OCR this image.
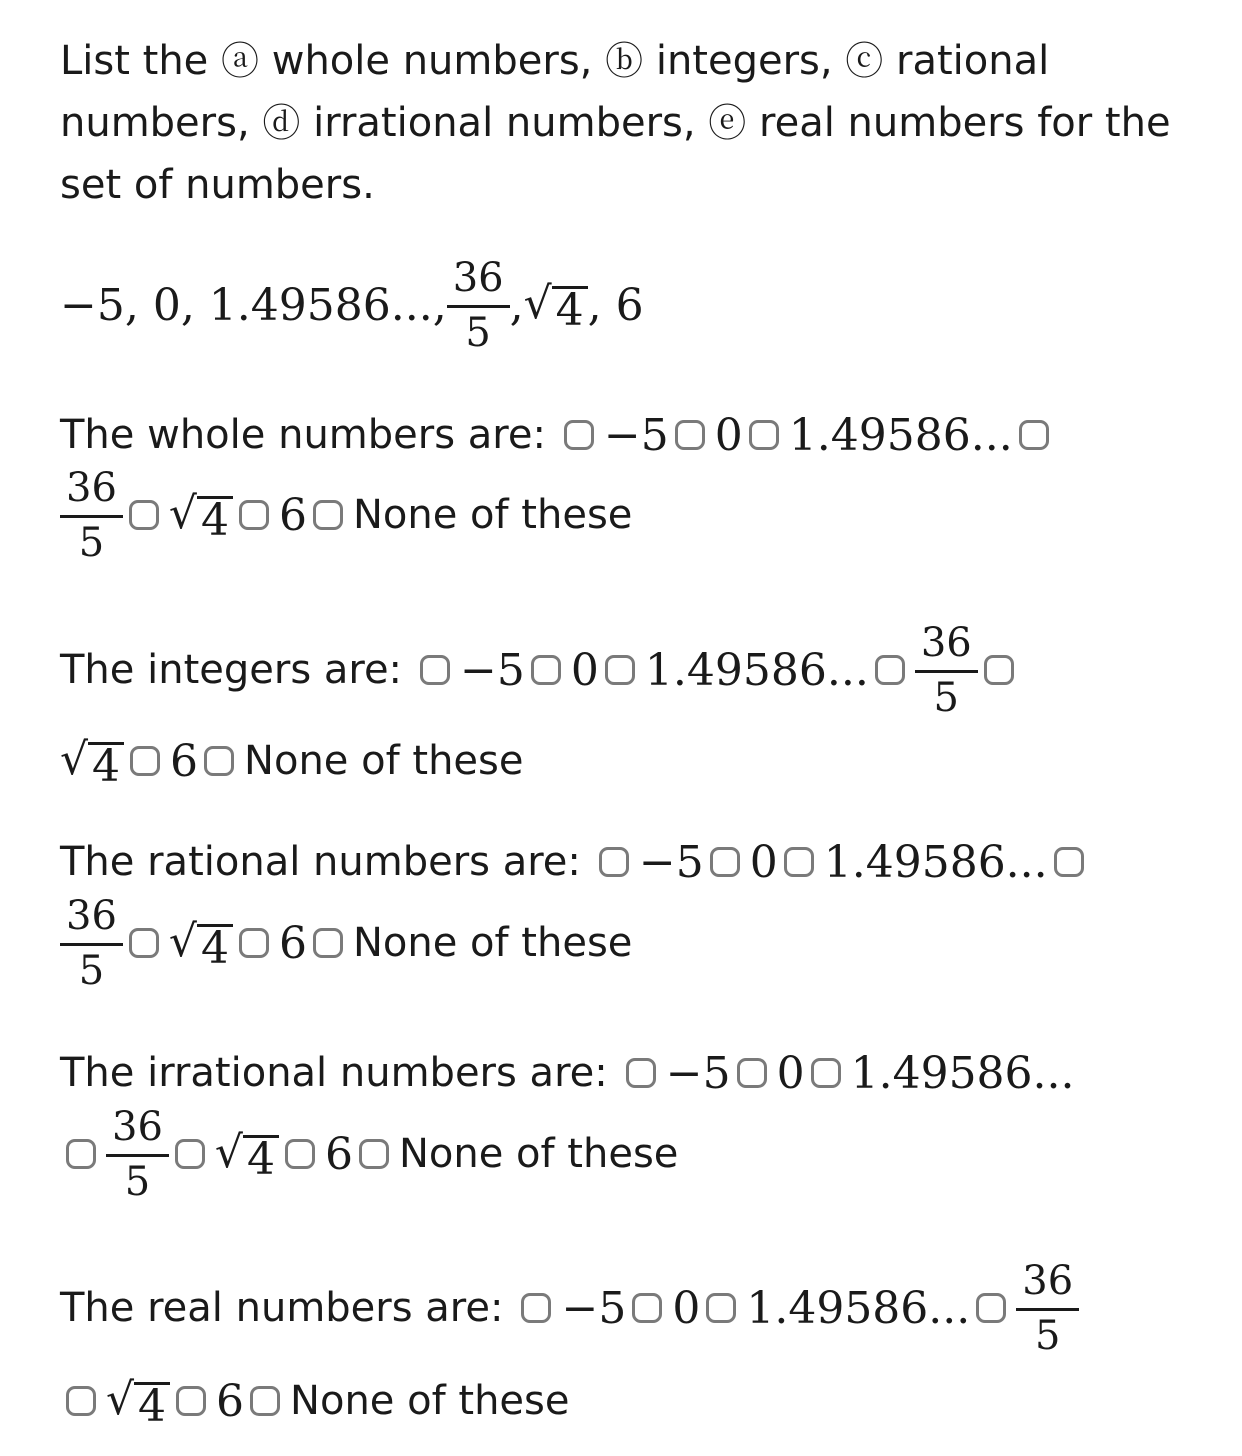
List the ⓐ whole numbers, ⓑ integers, ⓒ rational numbers, ⓓ irrational numbers, ⓔ real numbers for the set of numbers.
−5, 0, 1.49586..., $\frac{36}{5}$ , √ 4 , 6
The whole numbers are: −5 0 1.49586...
$\frac{36}{5}$ √ 4 6 None of these
The integers are: −5 0 1.49586... $\frac{36}{5}$
√ 4 6 None of these
The rational numbers are: −5 0 1.49586...
$\frac{36}{5}$ √ 4 6 None of these
The irrational numbers are: −5 0 1.49586...
$\frac{36}{5}$ √ 4 6 None of these
The real numbers are: −5 0 1.49586... $\frac{36}{5}$
√ 4 6 None of these
